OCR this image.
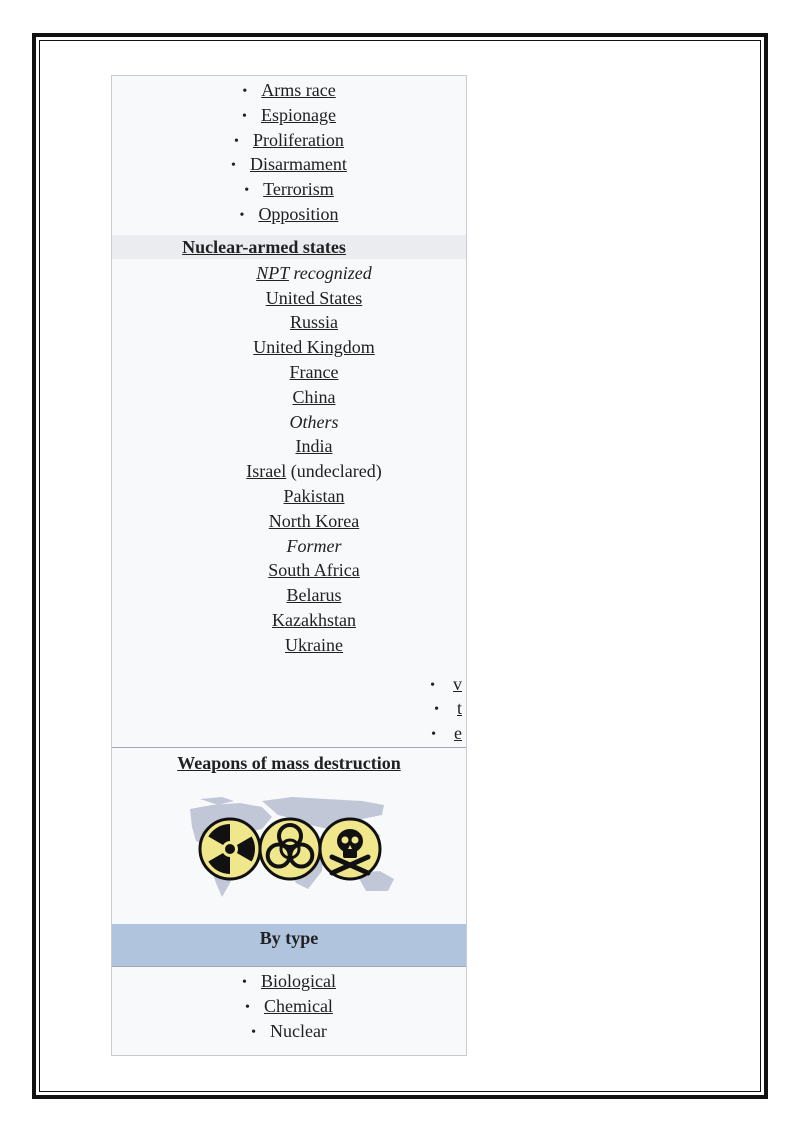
• Arms race
• Espionage
• Proliferation
• Disarmament
• Terrorism
• Opposition
Nuclear-armed states
NPT recognized
United States
Russia
United Kingdom
France
China
Others
India
Israel (undeclared)
Pakistan
North Korea
Former
South Africa
Belarus
Kazakhstan
Ukraine
• v
• t
• e
Weapons of mass destruction
By type
• Biological
• Chemical
• Nuclear
